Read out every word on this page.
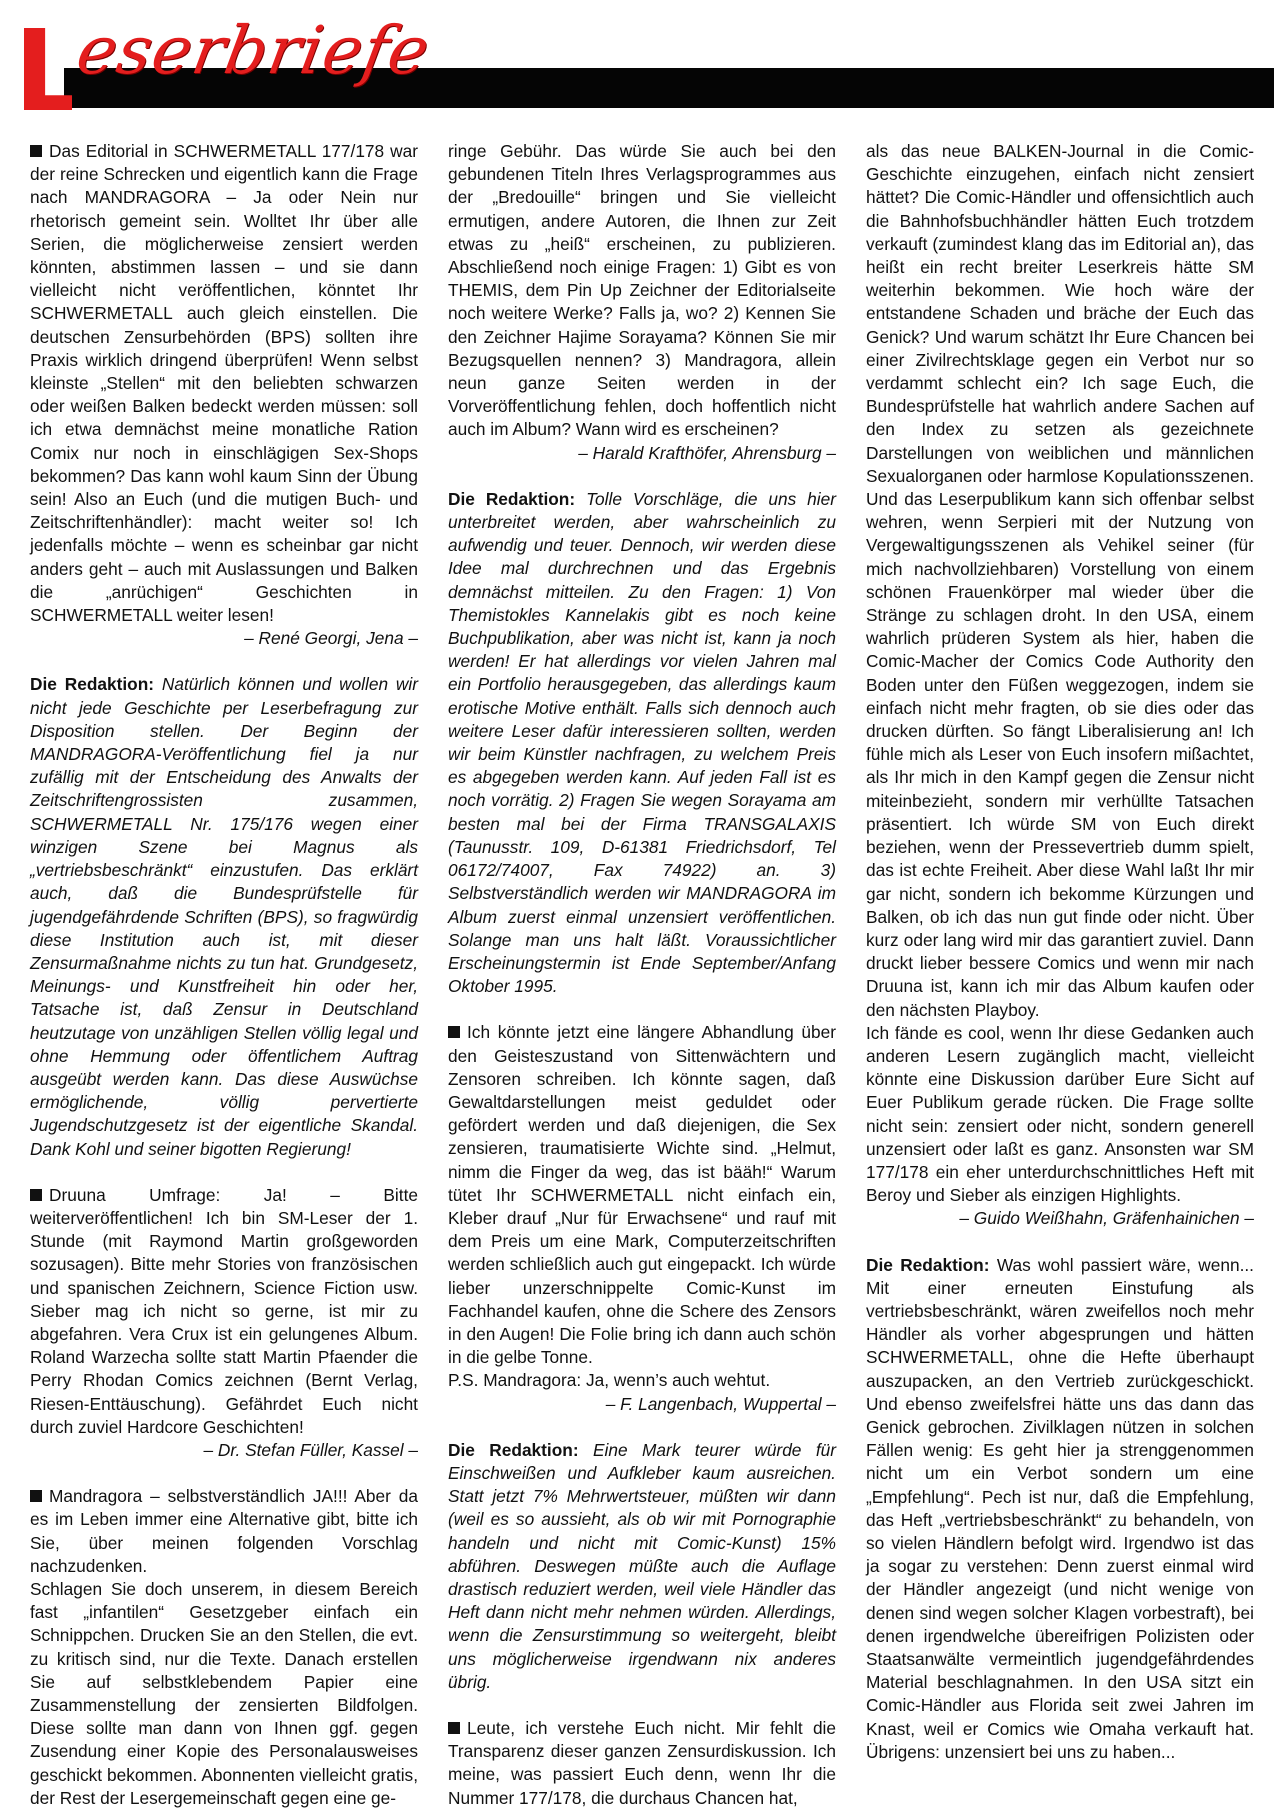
eserbriefe

Das Editorial in SCHWERMETALL 177/178 war der reine Schrecken und eigentlich kann die Frage nach MANDRAGORA – Ja oder Nein nur rhetorisch gemeint sein. Wolltet Ihr über alle Serien, die möglicherweise zensiert werden könnten, abstimmen lassen – und sie dann vielleicht nicht veröffentlichen, könntet Ihr SCHWERMETALL auch gleich einstellen. Die deutschen Zensurbehörden (BPS) sollten ihre Praxis wirklich dringend überprüfen! Wenn selbst kleinste „Stellen“ mit den beliebten schwarzen oder weißen Balken bedeckt werden müssen: soll ich etwa demnächst meine monatliche Ration Comix nur noch in einschlägigen Sex-Shops bekommen? Das kann wohl kaum Sinn der Übung sein! Also an Euch (und die mutigen Buch- und Zeitschriftenhändler): macht weiter so! Ich jedenfalls möchte – wenn es scheinbar gar nicht anders geht – auch mit Auslassungen und Balken die „anrüchigen“ Geschichten in SCHWERMETALL weiter lesen!

– René Georgi, Jena –

Die Redaktion: Natürlich können und wollen wir nicht jede Geschichte per Leserbefragung zur Disposition stellen. Der Beginn der MANDRAGORA-Veröffentlichung fiel ja nur zufällig mit der Entscheidung des Anwalts der Zeitschriftengrossisten zusammen, SCHWERMETALL Nr. 175/176 wegen einer winzigen Szene bei Magnus als „vertriebsbeschränkt“ einzustufen. Das erklärt auch, daß die Bundesprüfstelle für jugendgefährdende Schriften (BPS), so fragwürdig diese Institution auch ist, mit dieser Zensurmaßnahme nichts zu tun hat. Grundgesetz, Meinungs- und Kunstfreiheit hin oder her, Tatsache ist, daß Zensur in Deutschland heutzutage von unzähligen Stellen völlig legal und ohne Hemmung oder öffentlichem Auftrag ausgeübt werden kann. Das diese Auswüchse ermöglichende, völlig pervertierte Jugendschutzgesetz ist der eigentliche Skandal. Dank Kohl und seiner bigotten Regierung!

Druuna Umfrage: Ja! – Bitte weiterveröffentlichen! Ich bin SM-Leser der 1. Stunde (mit Raymond Martin großgeworden sozusagen). Bitte mehr Stories von französischen und spanischen Zeichnern, Science Fiction usw. Sieber mag ich nicht so gerne, ist mir zu abgefahren. Vera Crux ist ein gelungenes Album. Roland Warzecha sollte statt Martin Pfaender die Perry Rhodan Comics zeichnen (Bernt Verlag, Riesen-Enttäuschung). Gefährdet Euch nicht durch zuviel Hardcore Geschichten!

– Dr. Stefan Füller, Kassel –

Mandragora – selbstverständlich JA!!! Aber da es im Leben immer eine Alternative gibt, bitte ich Sie, über meinen folgenden Vorschlag nachzudenken.

Schlagen Sie doch unserem, in diesem Bereich fast „infantilen“ Gesetzgeber einfach ein Schnippchen. Drucken Sie an den Stellen, die evt. zu kritisch sind, nur die Texte. Danach erstellen Sie auf selbstklebendem Papier eine Zusammenstellung der zensierten Bildfolgen. Diese sollte man dann von Ihnen ggf. gegen Zusendung einer Kopie des Personalausweises geschickt bekommen. Abonnenten vielleicht gratis, der Rest der Lesergemeinschaft gegen eine ge-

ringe Gebühr. Das würde Sie auch bei den gebundenen Titeln Ihres Verlagsprogrammes aus der „Bredouille“ bringen und Sie vielleicht ermutigen, andere Autoren, die Ihnen zur Zeit etwas zu „heiß“ erscheinen, zu publizieren. Abschließend noch einige Fragen: 1) Gibt es von THEMIS, dem Pin Up Zeichner der Editorialseite noch weitere Werke? Falls ja, wo? 2) Kennen Sie den Zeichner Hajime Sorayama? Können Sie mir Bezugsquellen nennen? 3) Mandragora, allein neun ganze Seiten werden in der Vorveröffentlichung fehlen, doch hoffentlich nicht auch im Album? Wann wird es erscheinen?

– Harald Krafthöfer, Ahrensburg –

Die Redaktion: Tolle Vorschläge, die uns hier unterbreitet werden, aber wahrscheinlich zu aufwendig und teuer. Dennoch, wir werden diese Idee mal durchrechnen und das Ergebnis demnächst mitteilen. Zu den Fragen: 1) Von Themistokles Kannelakis gibt es noch keine Buchpublikation, aber was nicht ist, kann ja noch werden! Er hat allerdings vor vielen Jahren mal ein Portfolio herausgegeben, das allerdings kaum erotische Motive enthält. Falls sich dennoch auch weitere Leser dafür interessieren sollten, werden wir beim Künstler nachfragen, zu welchem Preis es abgegeben werden kann. Auf jeden Fall ist es noch vorrätig. 2) Fragen Sie wegen Sorayama am besten mal bei der Firma TRANSGALAXIS (Taunusstr. 109, D-61381 Friedrichsdorf, Tel 06172/74007, Fax 74922) an. 3) Selbstverständlich werden wir MANDRAGORA im Album zuerst einmal unzensiert veröffentlichen. Solange man uns halt läßt. Voraussichtlicher Erscheinungstermin ist Ende September/Anfang Oktober 1995.

Ich könnte jetzt eine längere Abhandlung über den Geisteszustand von Sittenwächtern und Zensoren schreiben. Ich könnte sagen, daß Gewaltdarstellungen meist geduldet oder gefördert werden und daß diejenigen, die Sex zensieren, traumatisierte Wichte sind. „Helmut, nimm die Finger da weg, das ist bääh!“ Warum tütet Ihr SCHWERMETALL nicht einfach ein, Kleber drauf „Nur für Erwachsene“ und rauf mit dem Preis um eine Mark, Computerzeitschriften werden schließlich auch gut eingepackt. Ich würde lieber unzerschnippelte Comic-Kunst im Fachhandel kaufen, ohne die Schere des Zensors in den Augen! Die Folie bring ich dann auch schön in die gelbe Tonne.

P.S. Mandragora: Ja, wenn’s auch wehtut.

– F. Langenbach, Wuppertal –

Die Redaktion: Eine Mark teurer würde für Einschweißen und Aufkleber kaum ausreichen. Statt jetzt 7% Mehrwertsteuer, müßten wir dann (weil es so aussieht, als ob wir mit Pornographie handeln und nicht mit Comic-Kunst) 15% abführen. Deswegen müßte auch die Auflage drastisch reduziert werden, weil viele Händler das Heft dann nicht mehr nehmen würden. Allerdings, wenn die Zensurstimmung so weitergeht, bleibt uns möglicherweise irgendwann nix anderes übrig.

Leute, ich verstehe Euch nicht. Mir fehlt die Transparenz dieser ganzen Zensurdiskussion. Ich meine, was passiert Euch denn, wenn Ihr die Nummer 177/178, die durchaus Chancen hat,

als das neue BALKEN-Journal in die Comic-Geschichte einzugehen, einfach nicht zensiert hättet? Die Comic-Händler und offensichtlich auch die Bahnhofsbuchhändler hätten Euch trotzdem verkauft (zumindest klang das im Editorial an), das heißt ein recht breiter Leserkreis hätte SM weiterhin bekommen. Wie hoch wäre der entstandene Schaden und bräche der Euch das Genick? Und warum schätzt Ihr Eure Chancen bei einer Zivilrechtsklage gegen ein Verbot nur so verdammt schlecht ein? Ich sage Euch, die Bundesprüfstelle hat wahrlich andere Sachen auf den Index zu setzen als gezeichnete Darstellungen von weiblichen und männlichen Sexualorganen oder harmlose Kopulationsszenen. Und das Leserpublikum kann sich offenbar selbst wehren, wenn Serpieri mit der Nutzung von Vergewaltigungsszenen als Vehikel seiner (für mich nachvollziehbaren) Vorstellung von einem schönen Frauenkörper mal wieder über die Stränge zu schlagen droht. In den USA, einem wahrlich prüderen System als hier, haben die Comic-Macher der Comics Code Authority den Boden unter den Füßen weggezogen, indem sie einfach nicht mehr fragten, ob sie dies oder das drucken dürften. So fängt Liberalisierung an! Ich fühle mich als Leser von Euch insofern mißachtet, als Ihr mich in den Kampf gegen die Zensur nicht miteinbezieht, sondern mir verhüllte Tatsachen präsentiert. Ich würde SM von Euch direkt beziehen, wenn der Pressevertrieb dumm spielt, das ist echte Freiheit. Aber diese Wahl laßt Ihr mir gar nicht, sondern ich bekomme Kürzungen und Balken, ob ich das nun gut finde oder nicht. Über kurz oder lang wird mir das garantiert zuviel. Dann druckt lieber bessere Comics und wenn mir nach Druuna ist, kann ich mir das Album kaufen oder den nächsten Playboy.

Ich fände es cool, wenn Ihr diese Gedanken auch anderen Lesern zugänglich macht, vielleicht könnte eine Diskussion darüber Eure Sicht auf Euer Publikum gerade rücken. Die Frage sollte nicht sein: zensiert oder nicht, sondern generell unzensiert oder laßt es ganz. Ansonsten war SM 177/178 ein eher unterdurchschnittliches Heft mit Beroy und Sieber als einzigen Highlights.

– Guido Weißhahn, Gräfenhainichen –

Die Redaktion: Was wohl passiert wäre, wenn... Mit einer erneuten Einstufung als vertriebsbeschränkt, wären zweifellos noch mehr Händler als vorher abgesprungen und hätten SCHWERMETALL, ohne die Hefte überhaupt auszupacken, an den Vertrieb zurückgeschickt. Und ebenso zweifelsfrei hätte uns das dann das Genick gebrochen. Zivilklagen nützen in solchen Fällen wenig: Es geht hier ja strenggenommen nicht um ein Verbot sondern um eine „Empfehlung“. Pech ist nur, daß die Empfehlung, das Heft „vertriebsbeschränkt“ zu behandeln, von so vielen Händlern befolgt wird. Irgendwo ist das ja sogar zu verstehen: Denn zuerst einmal wird der Händler angezeigt (und nicht wenige von denen sind wegen solcher Klagen vorbestraft), bei denen irgendwelche übereifrigen Polizisten oder Staatsanwälte vermeintlich jugendgefährdendes Material beschlagnahmen. In den USA sitzt ein Comic-Händler aus Florida seit zwei Jahren im Knast, weil er Comics wie Omaha verkauft hat. Übrigens: unzensiert bei uns zu haben...
